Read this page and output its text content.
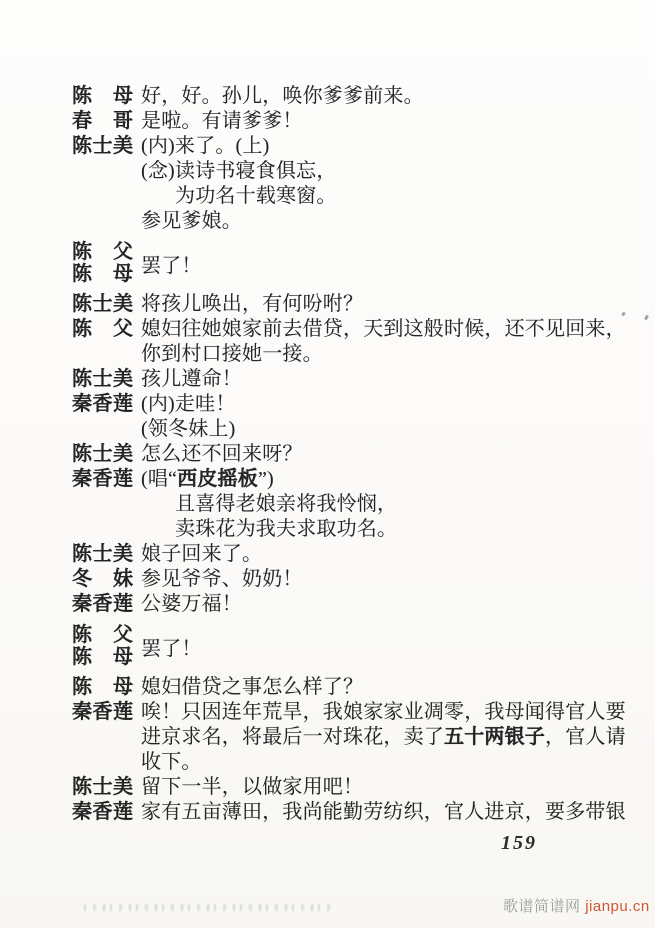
陈　母 好，好。孙儿，唤你爹爹前来。
春　哥 是啦。有请爹爹！
陈士美 (内)来了。(上)
(念)读诗书寝食俱忘，
为功名十载寒窗。
参见爹娘。
陈　父
陈　母 罢了！
陈士美 将孩儿唤出，有何吩咐？
陈　父 媳妇往她娘家前去借贷，天到这般时候，还不见回来，
你到村口接她一接。
陈士美 孩儿遵命！
秦香莲 (内)走哇！
(领冬妹上)
陈士美 怎么还不回来呀？
秦香莲 (唱“西皮摇板”)
且喜得老娘亲将我怜悯，
卖珠花为我夫求取功名。
陈士美 娘子回来了。
冬　妹 参见爷爷、奶奶！
秦香莲 公婆万福！
陈　父
陈　母 罢了！
陈　母 媳妇借贷之事怎么样了？
秦香莲 唉！只因连年荒旱，我娘家家业凋零，我母闻得官人要
进京求名，将最后一对珠花，卖了五十两银子，官人请
收下。
陈士美 留下一半，以做家用吧！
秦香莲 家有五亩薄田，我尚能勤劳纺织，官人进京，要多带银
159
歌谱简谱网 jianpu.cn
